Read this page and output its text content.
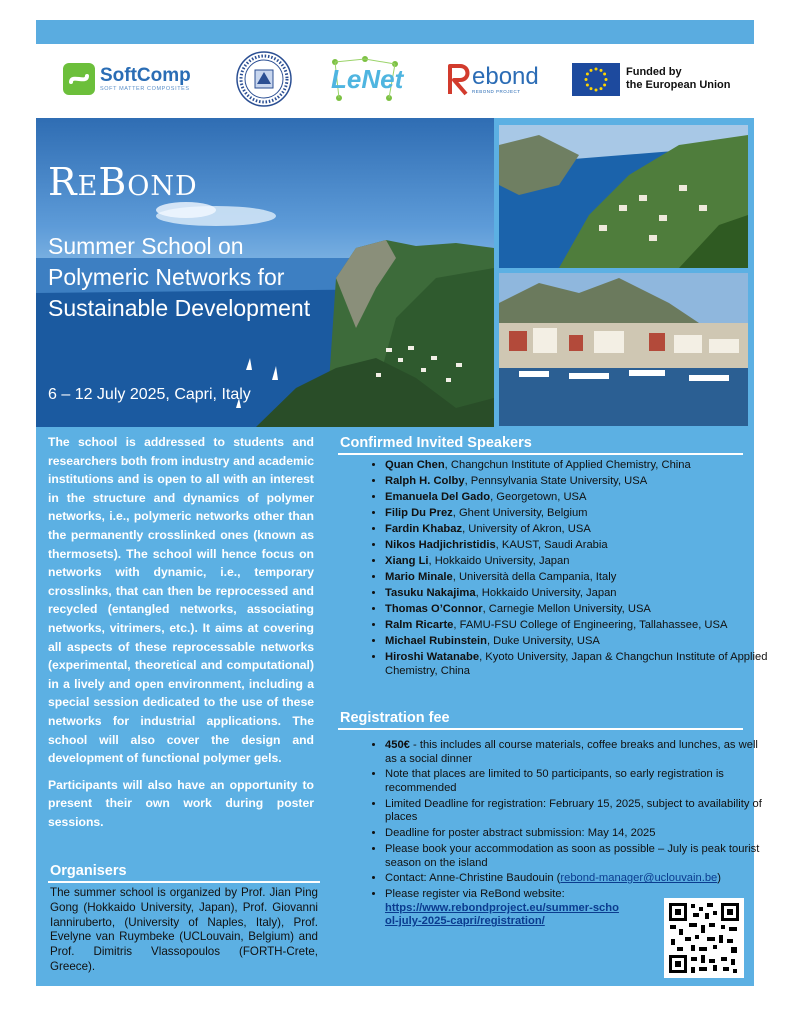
SoftComp
SOFT MATTER COMPOSITES	LeNet	ebond
REBOND PROJECT
Funded by
the European Union
ReBond
Summer School on
Polymeric Networks for
Sustainable Development
6 – 12 July 2025, Capri, Italy

The school is addressed to students and researchers both from industry and academic institutions and is open to all with an interest in the structure and dynamics of polymer networks, i.e., polymeric networks other than the permanently crosslinked ones (known as thermosets). The school will hence focus on networks with dynamic, i.e., temporary crosslinks, that can then be reprocessed and recycled (entangled networks, associating networks, vitrimers, etc.). It aims at covering all aspects of these reprocessable networks (experimental, theoretical and computational) in a lively and open environment, including a special session dedicated to the use of these networks for industrial applications. The school will also cover the design and development of functional polymer gels.

Participants will also have an opportunity to present their own work during poster sessions.

Organisers
The summer school is organized by Prof. Jian Ping Gong (Hokkaido University, Japan), Prof. Giovanni Ianniruberto, (University of Naples, Italy), Prof. Evelyne van Ruymbeke (UCLouvain, Belgium) and Prof. Dimitris Vlassopoulos (FORTH-Crete, Greece).
Confirmed Invited Speakers
• Quan Chen, Changchun Institute of Applied Chemistry, China
• Ralph H. Colby, Pennsylvania State University, USA
• Emanuela Del Gado, Georgetown, USA
• Filip Du Prez, Ghent University, Belgium
• Fardin Khabaz, University of Akron, USA
• Nikos Hadjichristidis, KAUST, Saudi Arabia
• Xiang Li, Hokkaido University, Japan
• Mario Minale, Università della Campania, Italy
• Tasuku Nakajima, Hokkaido University, Japan
• Thomas O’Connor, Carnegie Mellon University, USA
• Ralm Ricarte, FAMU-FSU College of Engineering, Tallahassee, USA
• Michael Rubinstein, Duke University, USA
• Hiroshi Watanabe, Kyoto University, Japan & Changchun Institute of Applied Chemistry, China
Registration fee
• 450€ - this includes all course materials, coffee breaks and lunches, as well as a social dinner
• Note that places are limited to 50 participants, so early registration is recommended
• Limited Deadline for registration: February 15, 2025, subject to availability of places
• Deadline for poster abstract submission: May 14, 2025
• Please book your accommodation as soon as possible – July is peak tourist season on the island
• Contact: Anne-Christine Baudouin (rebond-manager@uclouvain.be)
• Please register via ReBond website:
https://www.rebondproject.eu/summer-school-july-2025-capri/registration/
